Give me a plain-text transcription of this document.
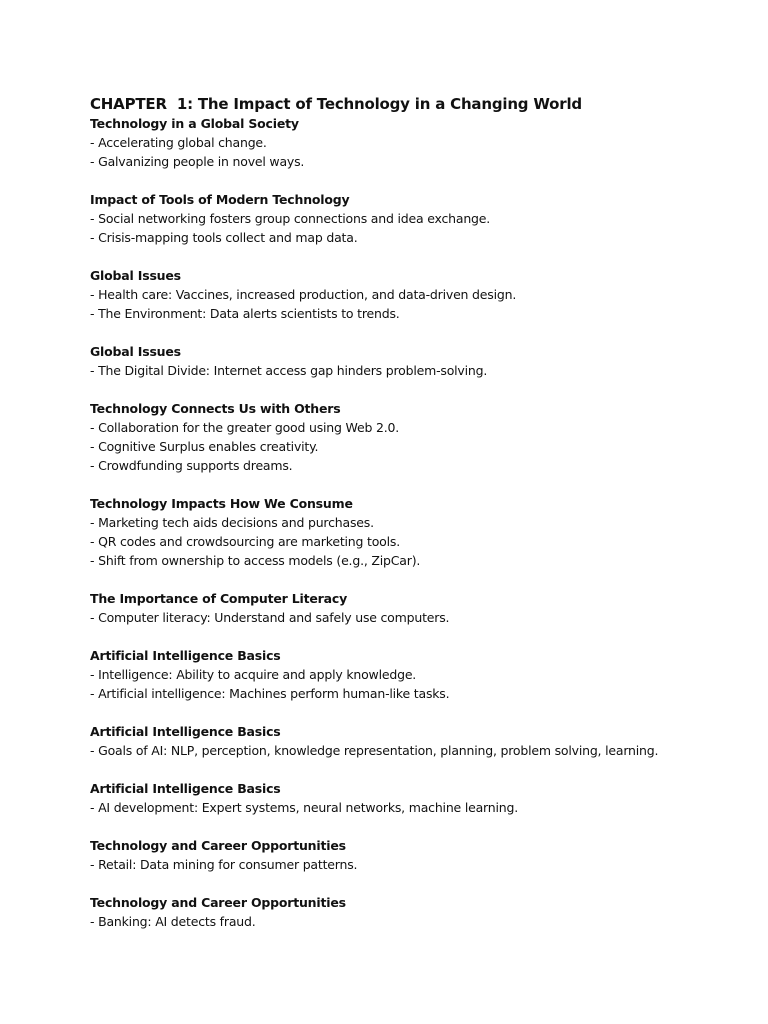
CHAPTER  1: The Impact of Technology in a Changing World
Technology in a Global Society
- Accelerating global change.
- Galvanizing people in novel ways.
Impact of Tools of Modern Technology
- Social networking fosters group connections and idea exchange.
- Crisis-mapping tools collect and map data.
Global Issues
- Health care: Vaccines, increased production, and data-driven design.
- The Environment: Data alerts scientists to trends.
Global Issues
- The Digital Divide: Internet access gap hinders problem-solving.
Technology Connects Us with Others
- Collaboration for the greater good using Web 2.0.
- Cognitive Surplus enables creativity.
- Crowdfunding supports dreams.
Technology Impacts How We Consume
- Marketing tech aids decisions and purchases.
- QR codes and crowdsourcing are marketing tools.
- Shift from ownership to access models (e.g., ZipCar).
The Importance of Computer Literacy
- Computer literacy: Understand and safely use computers.
Artificial Intelligence Basics
- Intelligence: Ability to acquire and apply knowledge.
- Artificial intelligence: Machines perform human-like tasks.
Artificial Intelligence Basics
- Goals of AI: NLP, perception, knowledge representation, planning, problem solving, learning.
Artificial Intelligence Basics
- AI development: Expert systems, neural networks, machine learning.
Technology and Career Opportunities
- Retail: Data mining for consumer patterns.
Technology and Career Opportunities
- Banking: AI detects fraud.
